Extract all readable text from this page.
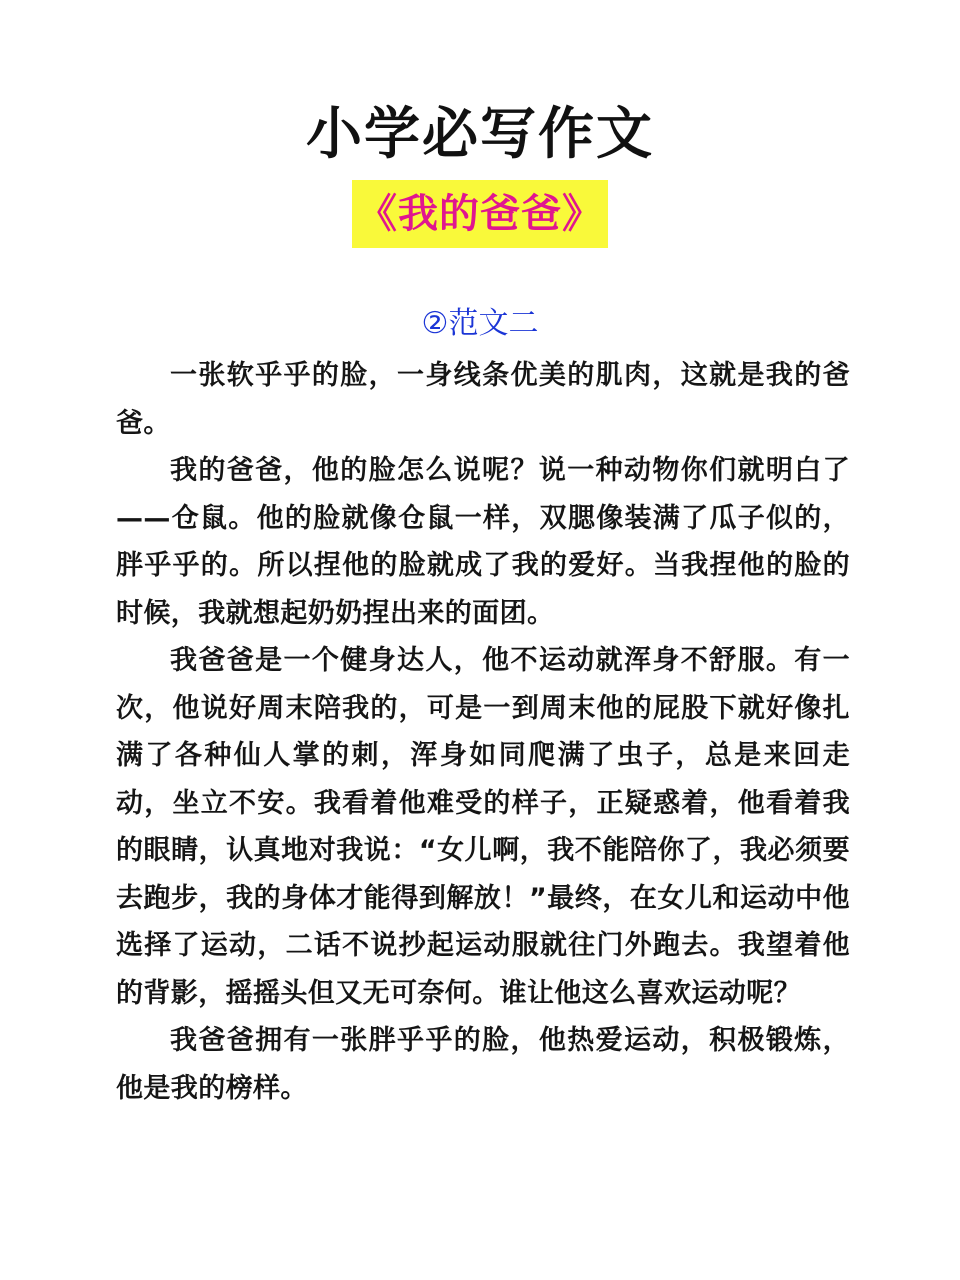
小学必写作文
《我的爸爸》
②范文二

一张软乎乎的脸，一身线条优美的肌肉，这就是我的爸爸。

我的爸爸，他的脸怎么说呢？说一种动物你们就明白了——仓鼠。他的脸就像仓鼠一样，双腮像装满了瓜子似的，胖乎乎的。所以捏他的脸就成了我的爱好。当我捏他的脸的时候，我就想起奶奶捏出来的面团。

我爸爸是一个健身达人，他不运动就浑身不舒服。有一次，他说好周末陪我的，可是一到周末他的屁股下就好像扎满了各种仙人掌的刺，浑身如同爬满了虫子，总是来回走动，坐立不安。我看着他难受的样子，正疑惑着，他看着我的眼睛，认真地对我说：“女儿啊，我不能陪你了，我必须要去跑步，我的身体才能得到解放！”最终，在女儿和运动中他选择了运动，二话不说抄起运动服就往门外跑去。我望着他的背影，摇摇头但又无可奈何。谁让他这么喜欢运动呢？

我爸爸拥有一张胖乎乎的脸，他热爱运动，积极锻炼，他是我的榜样。
